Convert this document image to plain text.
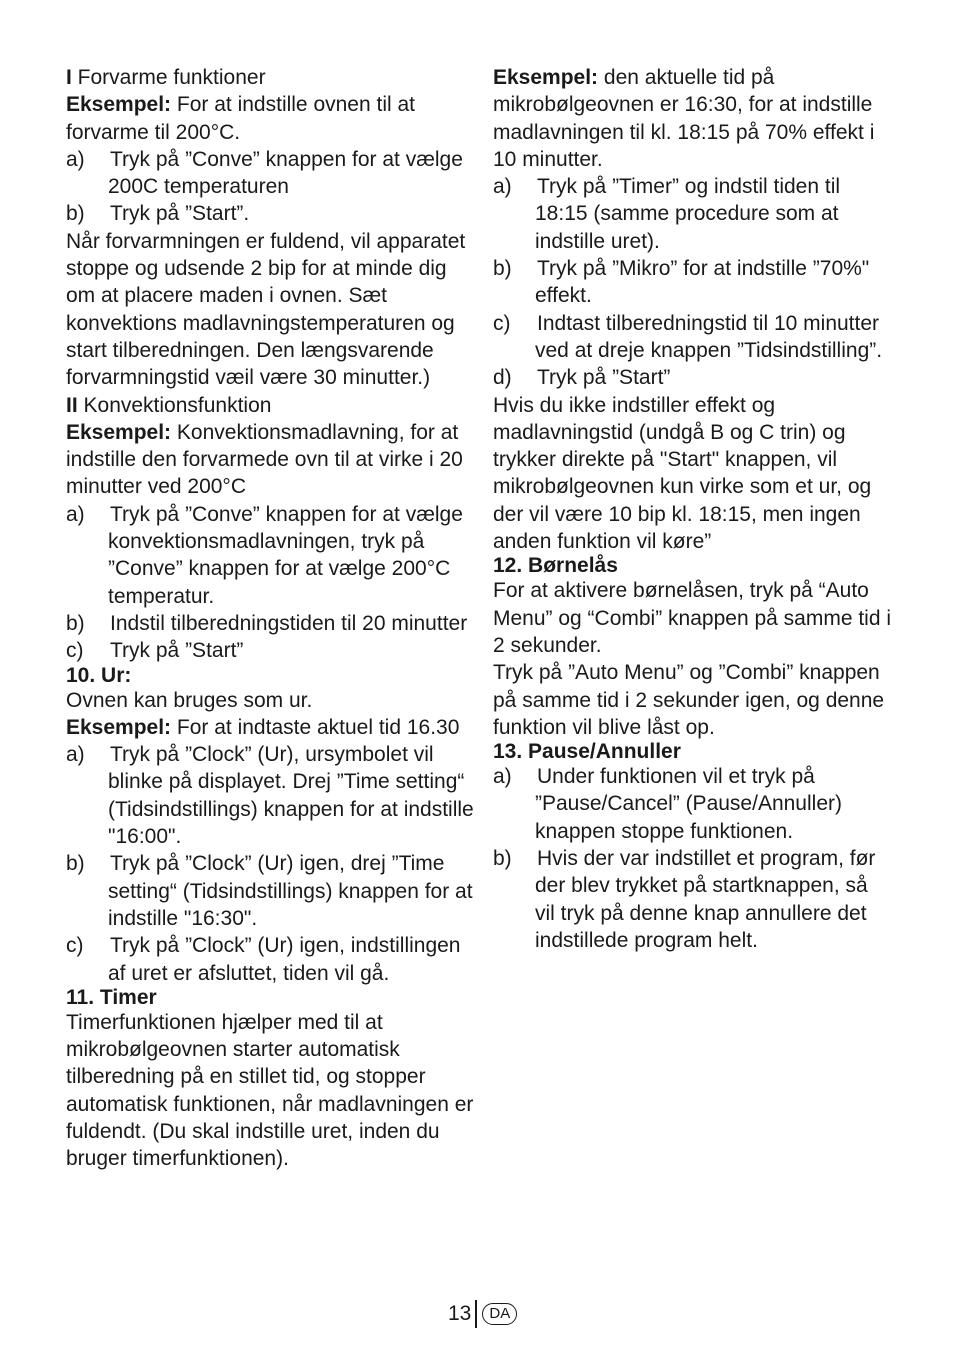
I Forvarme funktioner

Eksempel: For at indstille ovnen til at forvarme til 200°C.

a)	Tryk på ”Conve” knappen for at vælge 200C temperaturen
b)	Tryk på ”Start”.

Når forvarmningen er fuldend, vil apparatet stoppe og udsende 2 bip for at minde dig om at placere maden i ovnen. Sæt konvektions madlavningstemperaturen og start tilberedningen. Den længsvarende forvarmningstid væil være 30 minutter.)

II Konvektionsfunktion

Eksempel: Konvektionsmadlavning, for at indstille den forvarmede ovn til at virke i 20 minutter ved 200°C

a)	Tryk på ”Conve” knappen for at vælge konvektionsmadlavningen, tryk på ”Conve” knappen for at vælge 200°C temperatur.
b)	Indstil tilberedningstiden til 20 minutter
c)	Tryk på ”Start”

10. Ur:

Ovnen kan bruges som ur.

Eksempel: For at indtaste aktuel tid 16.30

a)	Tryk på ”Clock” (Ur), ursymbolet vil blinke på displayet. Drej ”Time setting“ (Tidsindstillings) knappen for at indstille "16:00".
b)	Tryk på ”Clock” (Ur) igen, drej ”Time setting“ (Tidsindstillings) knappen for at indstille "16:30".
c)	Tryk på ”Clock” (Ur) igen, indstillingen af uret er afsluttet, tiden vil gå.

11. Timer

Timerfunktionen hjælper med til at mikrobølgeovnen starter automatisk tilberedning på en stillet tid, og stopper automatisk funktionen, når madlavningen er fuldendt. (Du skal indstille uret, inden du bruger timerfunktionen).

Eksempel: den aktuelle tid på mikrobølgeovnen er 16:30, for at indstille madlavningen til kl. 18:15 på 70% effekt i 10 minutter.

a)	Tryk på ”Timer” og indstil tiden til 18:15 (samme procedure som at indstille uret).
b)	Tryk på ”Mikro” for at indstille ”70%" effekt.
c)	Indtast tilberedningstid til 10 minutter ved at dreje knappen ”Tidsindstilling”.
d)	Tryk på ”Start”

Hvis du ikke indstiller effekt og madlavningstid (undgå B og C trin) og trykker direkte på "Start" knappen, vil mikrobølgeovnen kun virke som et ur, og der vil være 10 bip kl. 18:15, men ingen anden funktion vil køre”

12. Børnelås

For at aktivere børnelåsen, tryk på “Auto Menu” og “Combi” knappen på samme tid i 2 sekunder.

Tryk på ”Auto Menu” og ”Combi” knappen på samme tid i 2 sekunder igen, og denne funktion vil blive låst op.

13. Pause/Annuller

a)	Under funktionen vil et tryk på ”Pause/Cancel” (Pause/Annuller) knappen stoppe funktionen.
b)	Hvis der var indstillet et program, før der blev trykket på startknappen, så vil tryk på denne knap annullere det indstillede program helt.
13	DA
